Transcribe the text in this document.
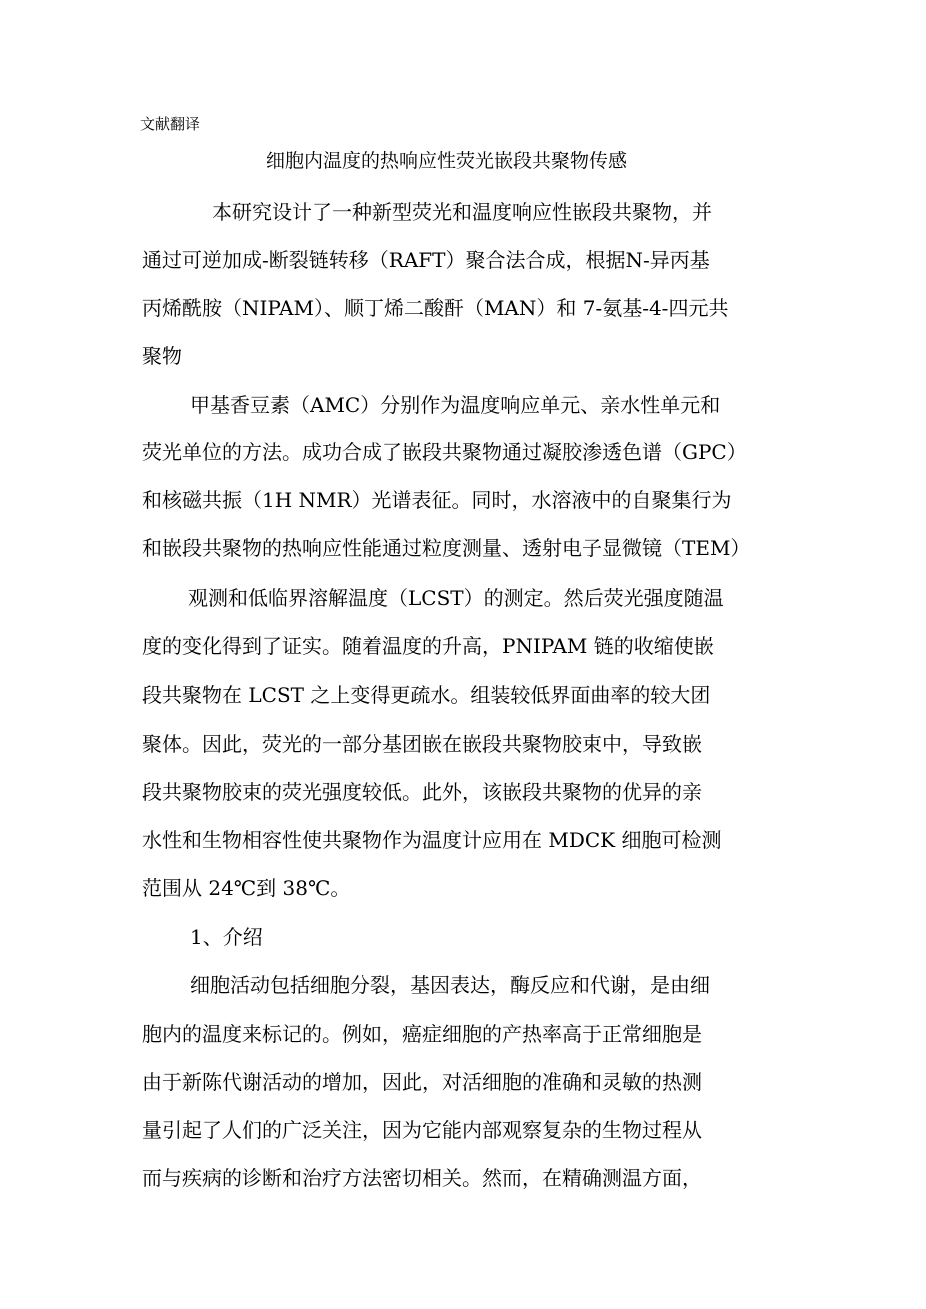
文献翻译
细胞内温度的热响应性荧光嵌段共聚物传感
本研究设计了一种新型荧光和温度响应性嵌段共聚物，并
通过可逆加成-断裂链转移（RAFT）聚合法合成，根据N-异丙基
丙烯酰胺（NIPAM）、顺丁烯二酸酐（MAN）和 7-氨基-4-四元共
聚物
甲基香豆素（AMC）分别作为温度响应单元、亲水性单元和
荧光单位的方法。成功合成了嵌段共聚物通过凝胶渗透色谱（GPC）
和核磁共振（1H NMR）光谱表征。同时，水溶液中的自聚集行为
和嵌段共聚物的热响应性能通过粒度测量、透射电子显微镜（TEM）
观测和低临界溶解温度（LCST）的测定。然后荧光强度随温
度的变化得到了证实。随着温度的升高，PNIPAM 链的收缩使嵌
段共聚物在 LCST 之上变得更疏水。组装较低界面曲率的较大团
聚体。因此，荧光的一部分基团嵌在嵌段共聚物胶束中，导致嵌
段共聚物胶束的荧光强度较低。此外，该嵌段共聚物的优异的亲
水性和生物相容性使共聚物作为温度计应用在 MDCK 细胞可检测
范围从 24℃到 38℃。
1、介绍
细胞活动包括细胞分裂，基因表达，酶反应和代谢，是由细
胞内的温度来标记的。例如，癌症细胞的产热率高于正常细胞是
由于新陈代谢活动的增加，因此，对活细胞的准确和灵敏的热测
量引起了人们的广泛关注，因为它能内部观察复杂的生物过程从
而与疾病的诊断和治疗方法密切相关。然而，在精确测温方面，
